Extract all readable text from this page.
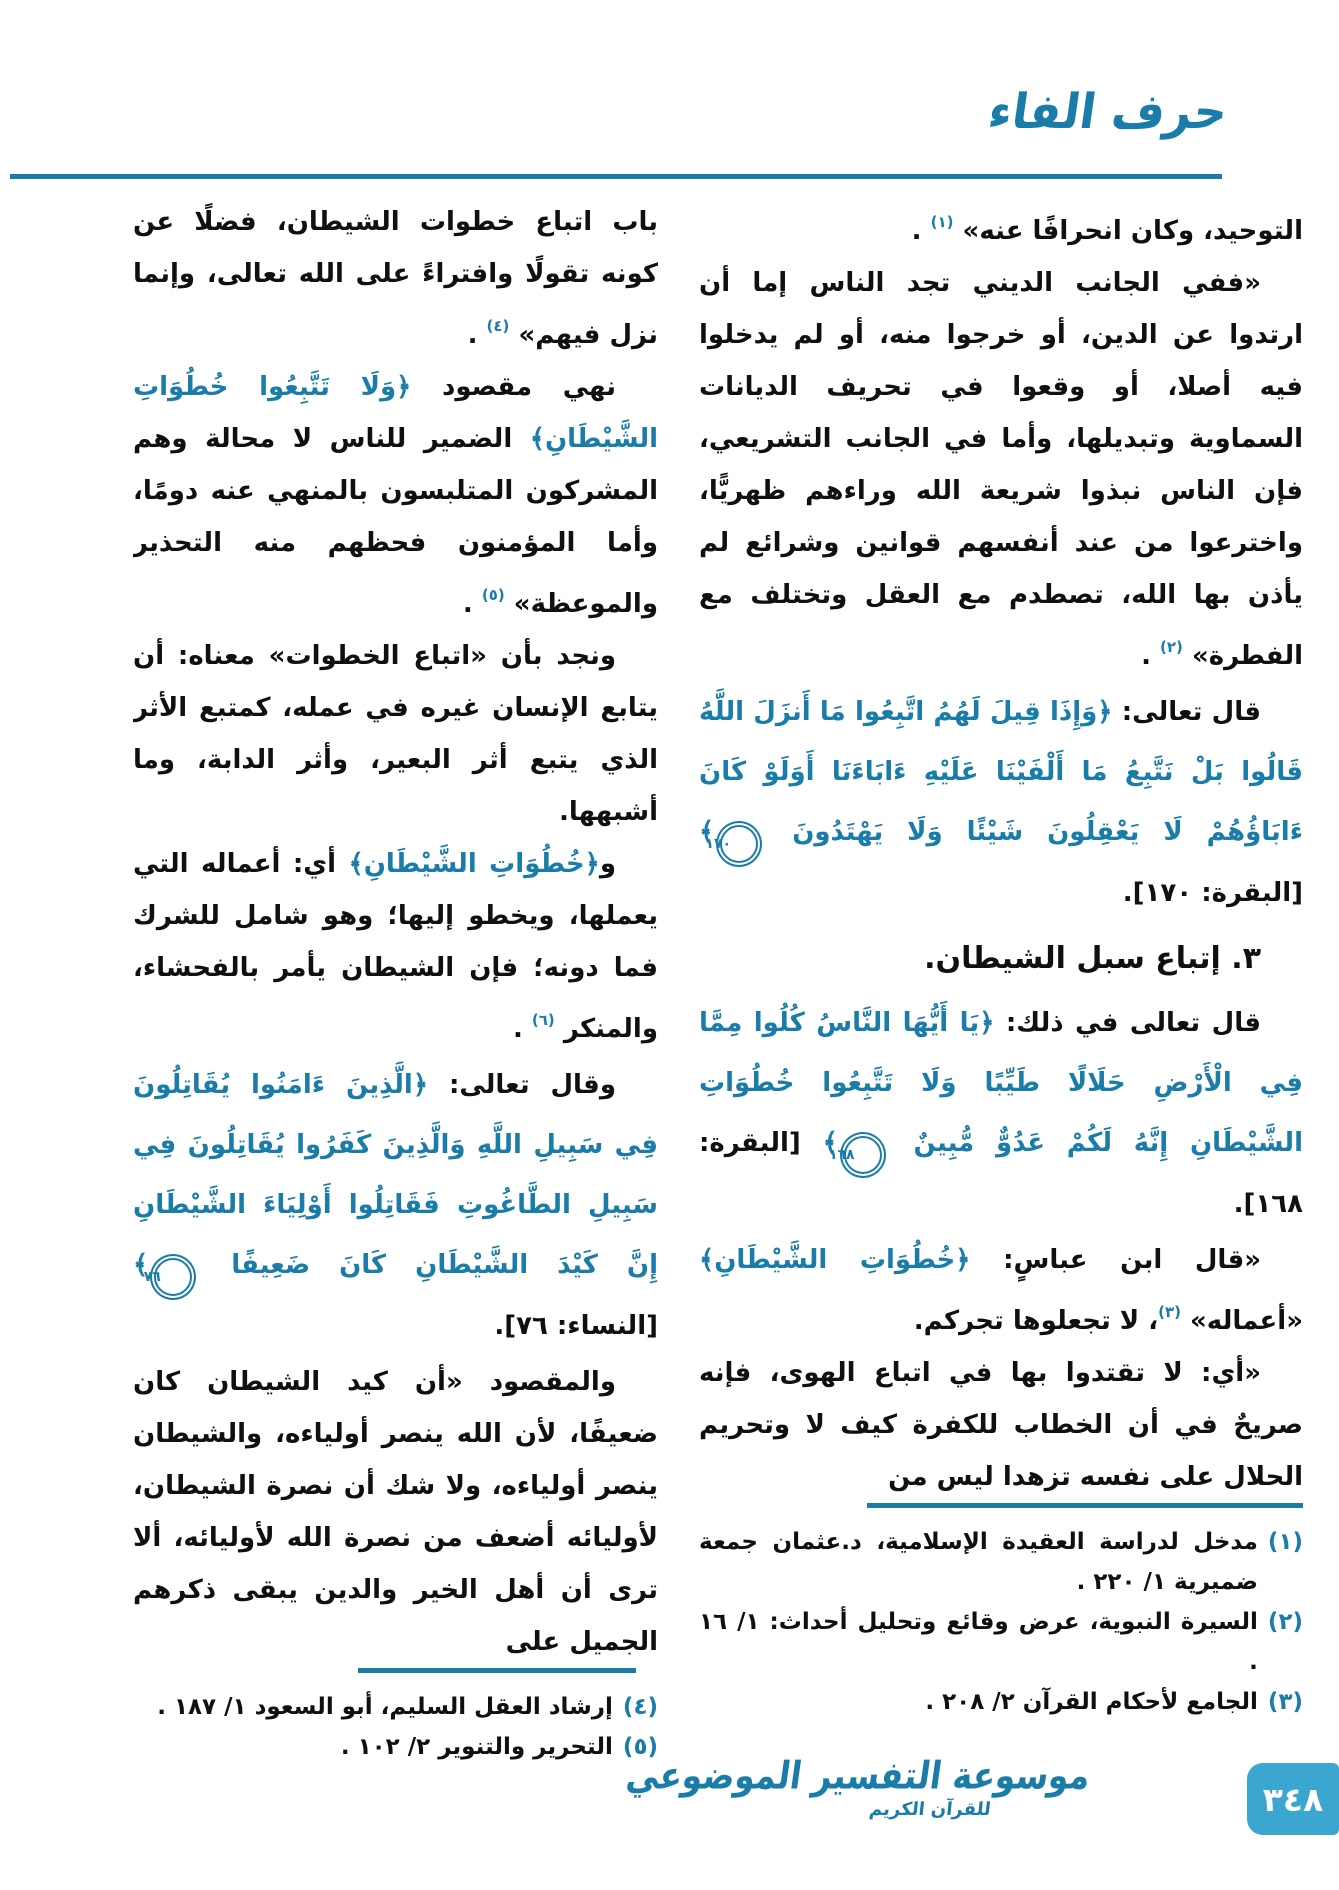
حرف الفاء

التوحيد، وكان انحرافًا عنه» $^{(١)}$ .

«ففي الجانب الديني تجد الناس إما أن ارتدوا عن الدين، أو خرجوا منه، أو لم يدخلوا فيه أصلا، أو وقعوا في تحريف الديانات السماوية وتبديلها، وأما في الجانب التشريعي، فإن الناس نبذوا شريعة الله وراءهم ظهريًّا، واخترعوا من عند أنفسهم قوانين وشرائع لم يأذن بها الله، تصطدم مع العقل وتختلف مع الفطرة» $^{(٢)}$ .

قال تعالى: ﴿وَإِذَا قِيلَ لَهُمُ اتَّبِعُوا مَا أَنزَلَ اللَّهُ قَالُوا بَلْ نَتَّبِعُ مَا أَلْفَيْنَا عَلَيْهِ ءَابَاءَنَا أَوَلَوْ كَانَ ءَابَاؤُهُمْ لَا يَعْقِلُونَ شَيْئًا وَلَا يَهْتَدُونَ ١٧٠﴾ [البقرة: ١٧٠].

٣. إتباع سبل الشيطان.

قال تعالى في ذلك: ﴿يَا أَيُّهَا النَّاسُ كُلُوا مِمَّا فِي الْأَرْضِ حَلَالًا طَيِّبًا وَلَا تَتَّبِعُوا خُطُوَاتِ الشَّيْطَانِ إِنَّهُ لَكُمْ عَدُوٌّ مُّبِينٌ ١٦٨﴾ [البقرة: ١٦٨].

«قال ابن عباسٍ: ﴿خُطُوَاتِ الشَّيْطَانِ﴾ «أعماله» $^{(٣)}$، لا تجعلوها تجركم.

«أي: لا تقتدوا بها في اتباع الهوى، فإنه صريحٌ في أن الخطاب للكفرة كيف لا وتحريم الحلال على نفسه تزهدا ليس من

(١)
مدخل لدراسة العقيدة الإسلامية، د.عثمان جمعة ضميرية ١/ ٢٢٠ .
(٢)
السيرة النبوية، عرض وقائع وتحليل أحداث: ١/ ١٦ .
(٣)
الجامع لأحكام القرآن ٢/ ٢٠٨ .

باب اتباع خطوات الشيطان، فضلًا عن كونه تقولًا وافتراءً على الله تعالى، وإنما نزل فيهم» $^{(٤)}$ .

نهي مقصود ﴿وَلَا تَتَّبِعُوا خُطُوَاتِ الشَّيْطَانِ﴾ الضمير للناس لا محالة وهم المشركون المتلبسون بالمنهي عنه دومًا، وأما المؤمنون فحظهم منه التحذير والموعظة» $^{(٥)}$ .

ونجد بأن «اتباع الخطوات» معناه: أن يتابع الإنسان غيره في عمله، كمتبع الأثر الذي يتبع أثر البعير، وأثر الدابة، وما أشبهها.

و﴿خُطُوَاتِ الشَّيْطَانِ﴾ أي: أعماله التي يعملها، ويخطو إليها؛ وهو شامل للشرك فما دونه؛ فإن الشيطان يأمر بالفحشاء، والمنكر $^{(٦)}$ .

وقال تعالى: ﴿الَّذِينَ ءَامَنُوا يُقَاتِلُونَ فِي سَبِيلِ اللَّهِ وَالَّذِينَ كَفَرُوا يُقَاتِلُونَ فِي سَبِيلِ الطَّاغُوتِ فَقَاتِلُوا أَوْلِيَاءَ الشَّيْطَانِ إِنَّ كَيْدَ الشَّيْطَانِ كَانَ ضَعِيفًا ٧٦﴾ [النساء: ٧٦].

والمقصود «أن كيد الشيطان كان ضعيفًا، لأن الله ينصر أولياءه، والشيطان ينصر أولياءه، ولا شك أن نصرة الشيطان، لأوليائه أضعف من نصرة الله لأوليائه، ألا ترى أن أهل الخير والدين يبقى ذكرهم الجميل على

(٤)
إرشاد العقل السليم، أبو السعود ١/ ١٨٧ .
(٥)
التحرير والتنوير ٢/ ١٠٢ .
موسوعة التفسير الموضوعي
للقرآن الكريم	٣٤٨
